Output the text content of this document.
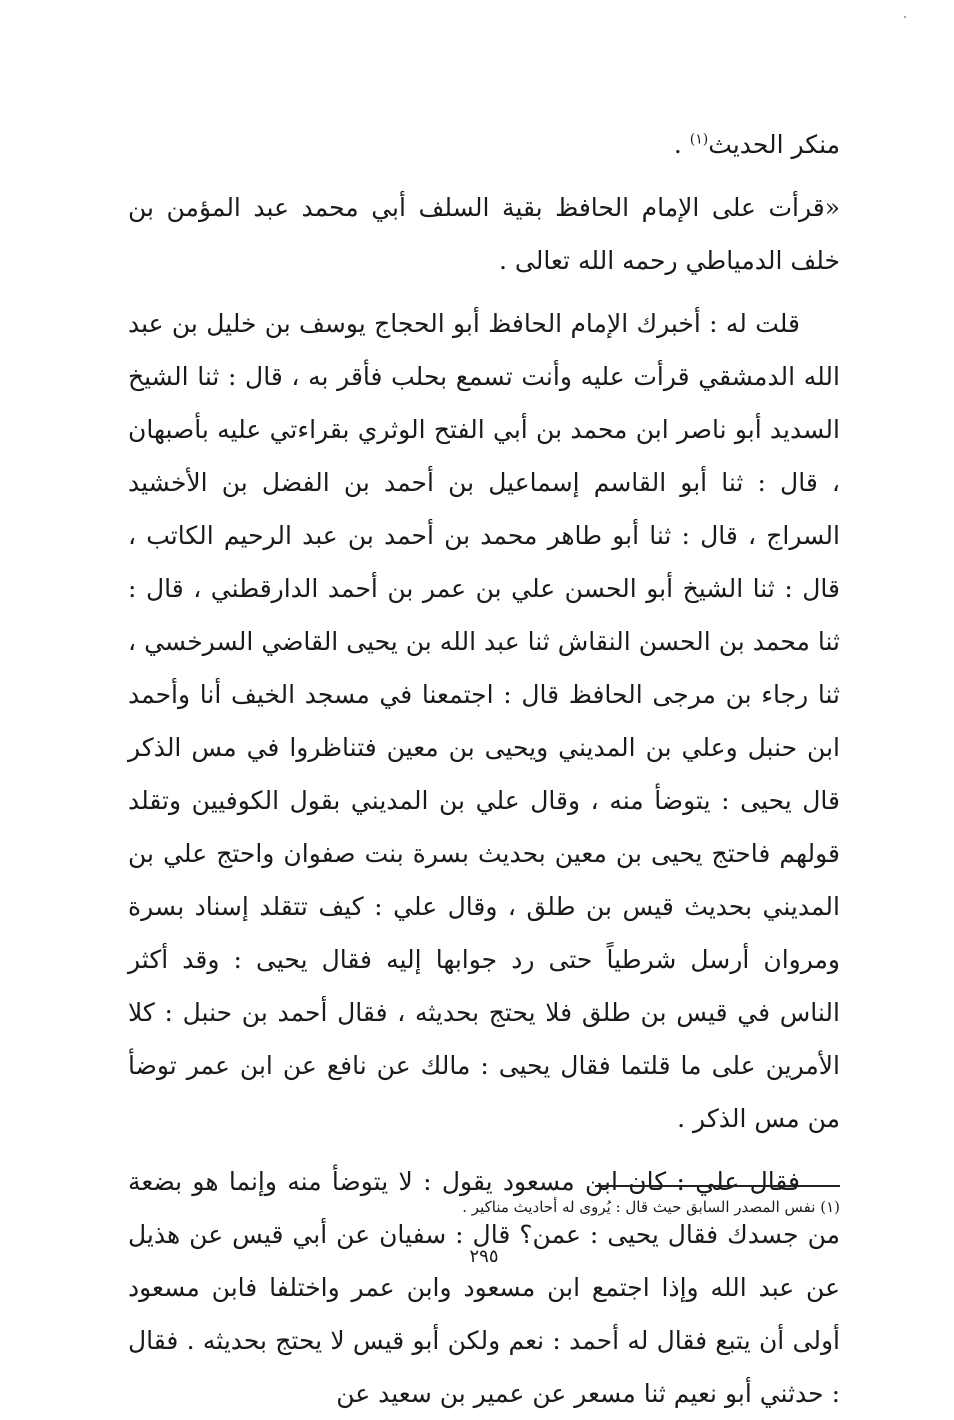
منكر الحديث$^{(١)}$ .

«قرأت على الإمام الحافظ بقية السلف أبي محمد عبد المؤمن بن خلف الدمياطي رحمه الله تعالى .

قلت له : أخبرك الإمام الحافظ أبو الحجاج يوسف بن خليل بن عبد الله الدمشقي قرأت عليه وأنت تسمع بحلب فأقر به ، قال : ثنا الشيخ السديد أبو ناصر ابن محمد بن أبي الفتح الوثري بقراءتي عليه بأصبهان ، قال : ثنا أبو القاسم إسماعيل بن أحمد بن الفضل بن الأخشيد السراج ، قال : ثنا أبو طاهر محمد بن أحمد بن عبد الرحيم الكاتب ، قال : ثنا الشيخ أبو الحسن علي بن عمر بن أحمد الدارقطني ، قال : ثنا محمد بن الحسن النقاش ثنا عبد الله بن يحيى القاضي السرخسي ، ثنا رجاء بن مرجى الحافظ قال : اجتمعنا في مسجد الخيف أنا وأحمد ابن حنبل وعلي بن المديني ويحيى بن معين فتناظروا في مس الذكر قال يحيى : يتوضأ منه ، وقال علي بن المديني بقول الكوفيين وتقلد قولهم فاحتج يحيى بن معين بحديث بسرة بنت صفوان واحتج علي بن المديني بحديث قيس بن طلق ، وقال علي : كيف تتقلد إسناد بسرة ومروان أرسل شرطياً حتى رد جوابها إليه فقال يحيى : وقد أكثر الناس في قيس بن طلق فلا يحتج بحديثه ، فقال أحمد بن حنبل : كلا الأمرين على ما قلتما فقال يحيى : مالك عن نافع عن ابن عمر توضأ من مس الذكر .

فقال علي : كان ابن مسعود يقول : لا يتوضأ منه وإنما هو بضعة من جسدك فقال يحيى : عمن؟ قال : سفيان عن أبي قيس عن هذيل عن عبد الله وإذا اجتمع ابن مسعود وابن عمر واختلفا فابن مسعود أولى أن يتبع فقال له أحمد : نعم ولكن أبو قيس لا يحتج بحديثه . فقال : حدثني أبو نعيم ثنا مسعر عن عمير بن سعيد عن

(١) نفس المصدر السابق حيث قال : يُروى له أحاديث مناكير .

٢٩٥
